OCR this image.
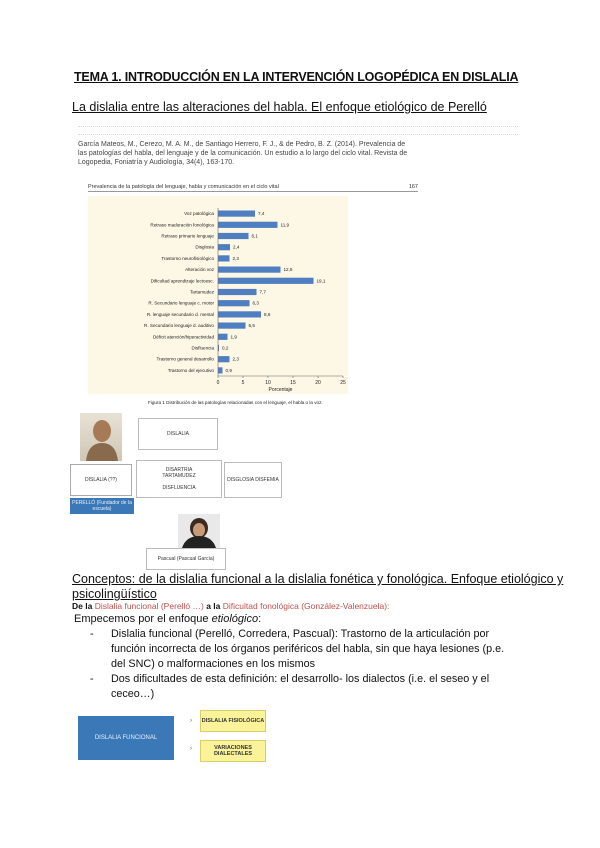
TEMA 1. INTRODUCCIÓN EN LA INTERVENCIÓN LOGOPÉDICA EN DISLALIA
La dislalia entre las alteraciones del habla. El enfoque etiológico de Perelló
García Mateos, M., Cerezo, M. A. M., de Santiago Herrero, F. J., & de Pedro, B. Z. (2014). Prevalencia de las patologías del habla, del lenguaje y de la comunicación. Un estudio a lo largo del ciclo vital. Revista de Logopedia, Foniatría y Audiología, 34(4), 163-170.
Prevalencia de la patología del lenguaje, habla y comunicación en el ciclo vital	167
Voz patológica	7,4
Retraso maduración fonológica	11,9
Retraso primario lenguaje	6,1
Disglosia	2,4
Trastorno neurofisiológico	2,3
Alteración voz	12,5
Dificultad aprendizaje lectoesc.	19,1
Tartamudez	7,7
R. Secundario lenguaje c. motor	6,3
R. lenguaje secundario d. mental	8,6
R. Secundario lenguaje d. auditivo	5,5
Déficit atención/hiperactividad	1,9
Disfluencia 0,2
Trastorno general desarrollo	2,3
Trastorno del ejecutivo	0,9
0	5	10	15	20	25
Porcentaje
Figura 1 Distribución de las patologías relacionadas con el lenguaje, el habla o la voz.
DISLALIA
DISLALIA (??)
DISARTRIA
TARTAMUDEZ
DISFLUENCIA
DISGLOSIA DISFEMIA
PERELLÓ (Fundador de la escuela)
Pascual (Pascual García)
Conceptos: de la dislalia funcional a la dislalia fonética y fonológica. Enfoque etiológico y psicolingüístico
De la Dislalia funcional (Perelló …) a la Dificultad fonológica (González-Valenzuela):
Empecemos por el enfoque etiológico:
- Dislalia funcional (Perelló, Corredera, Pascual): Trastorno de la articulación por función incorrecta de los órganos periféricos del habla, sin que haya lesiones (p.e. del SNC) o malformaciones en los mismos
- Dos dificultades de esta definición: el desarrollo- los dialectos (i.e. el seseo y el ceceo…)
DISLALIA FUNCIONAL
›	DISLALIA FISIOLÓGICA
›	VARIACIONES DIALECTALES
